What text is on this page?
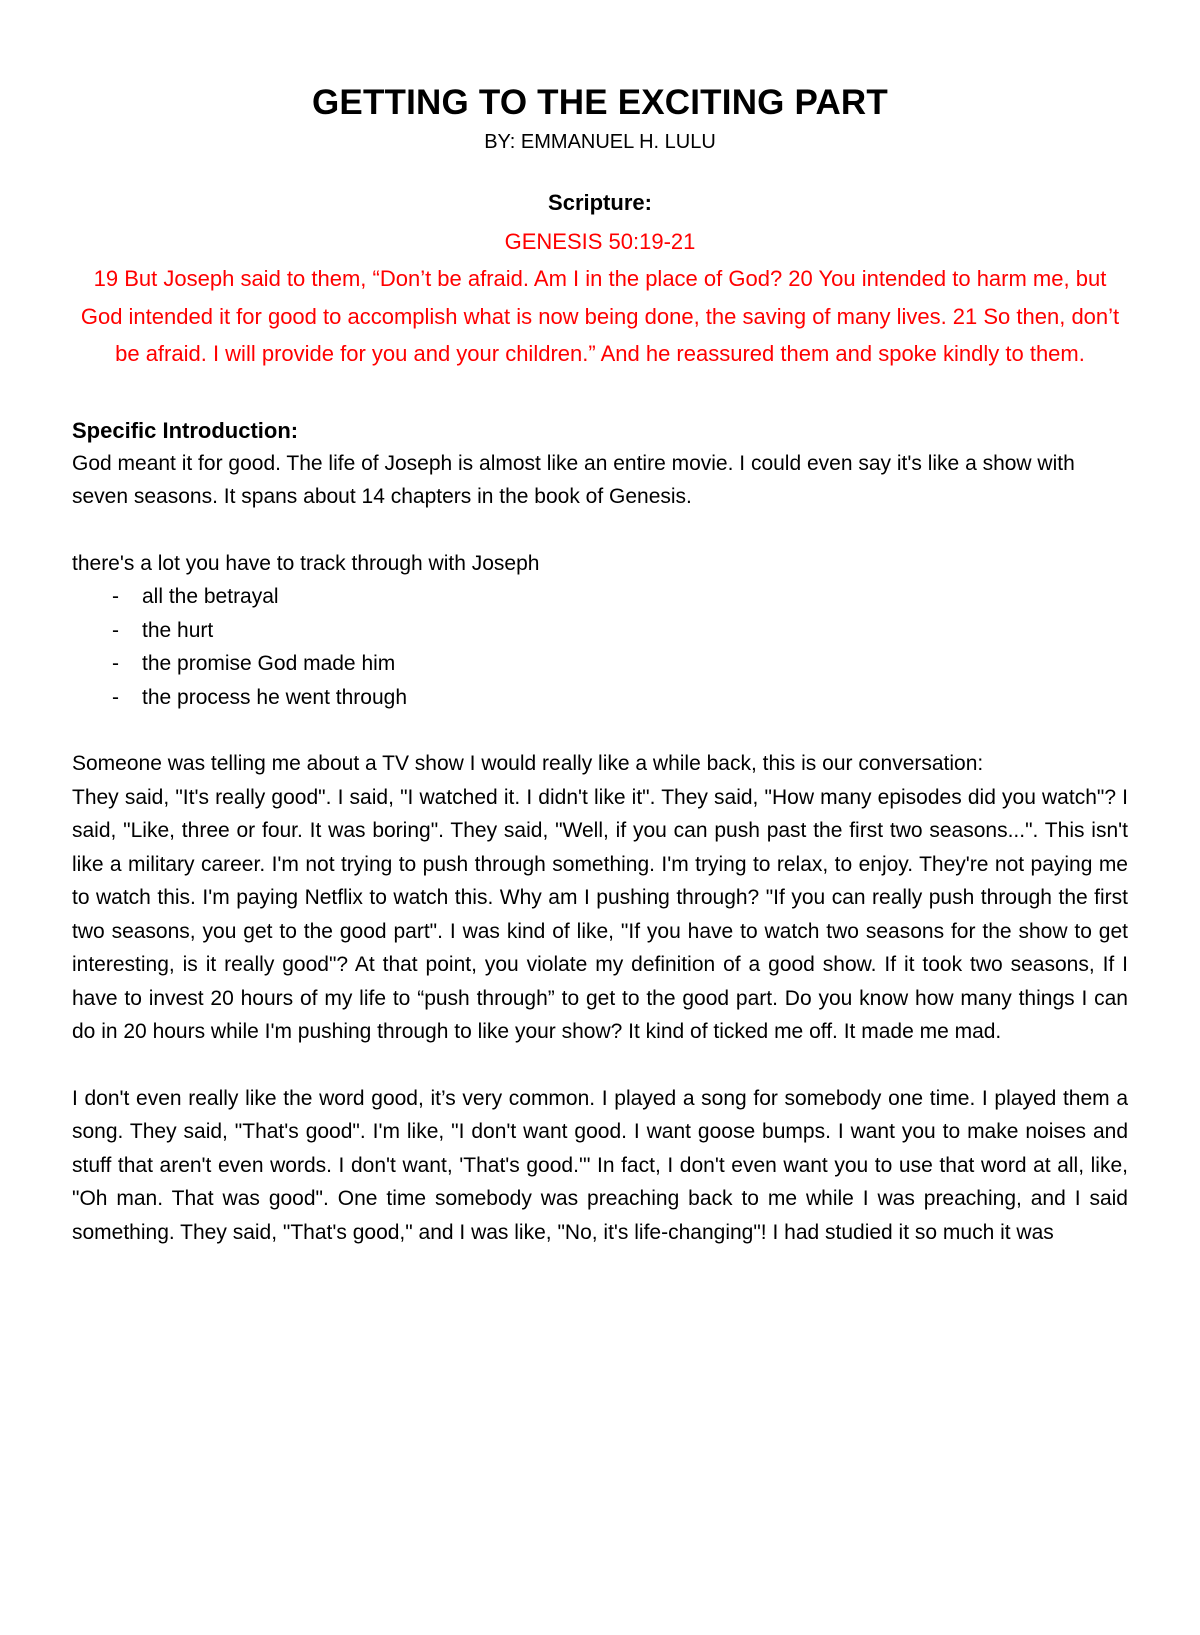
GETTING TO THE EXCITING PART
BY: EMMANUEL H. LULU
Scripture:
GENESIS 50:19-21
19 But Joseph said to them, “Don’t be afraid. Am I in the place of God? 20 You intended to harm me, but God intended it for good to accomplish what is now being done, the saving of many lives. 21 So then, don’t be afraid. I will provide for you and your children.” And he reassured them and spoke kindly to them.
Specific Introduction:

God meant it for good. The life of Joseph is almost like an entire movie. I could even say it's like a show with seven seasons. It spans about 14 chapters in the book of Genesis.

there's a lot you have to track through with Joseph

- all the betrayal
- the hurt
- the promise God made him
- the process he went through

Someone was telling me about a TV show I would really like a while back, this is our conversation:

They said, "It's really good". I said, "I watched it. I didn't like it". They said, "How many episodes did you watch"? I said, "Like, three or four. It was boring". They said, "Well, if you can push past the first two seasons...". This isn't like a military career. I'm not trying to push through something. I'm trying to relax, to enjoy. They're not paying me to watch this. I'm paying Netflix to watch this. Why am I pushing through? "If you can really push through the first two seasons, you get to the good part". I was kind of like, "If you have to watch two seasons for the show to get interesting, is it really good"? At that point, you violate my definition of a good show. If it took two seasons, If I have to invest 20 hours of my life to “push through” to get to the good part. Do you know how many things I can do in 20 hours while I'm pushing through to like your show? It kind of ticked me off. It made me mad.

I don't even really like the word good, it’s very common. I played a song for somebody one time. I played them a song. They said, "That's good". I'm like, "I don't want good. I want goose bumps. I want you to make noises and stuff that aren't even words. I don't want, 'That's good.'" In fact, I don't even want you to use that word at all, like, "Oh man. That was good". One time somebody was preaching back to me while I was preaching, and I said something. They said, "That's good," and I was like, "No, it's life-changing"! I had studied it so much it was
